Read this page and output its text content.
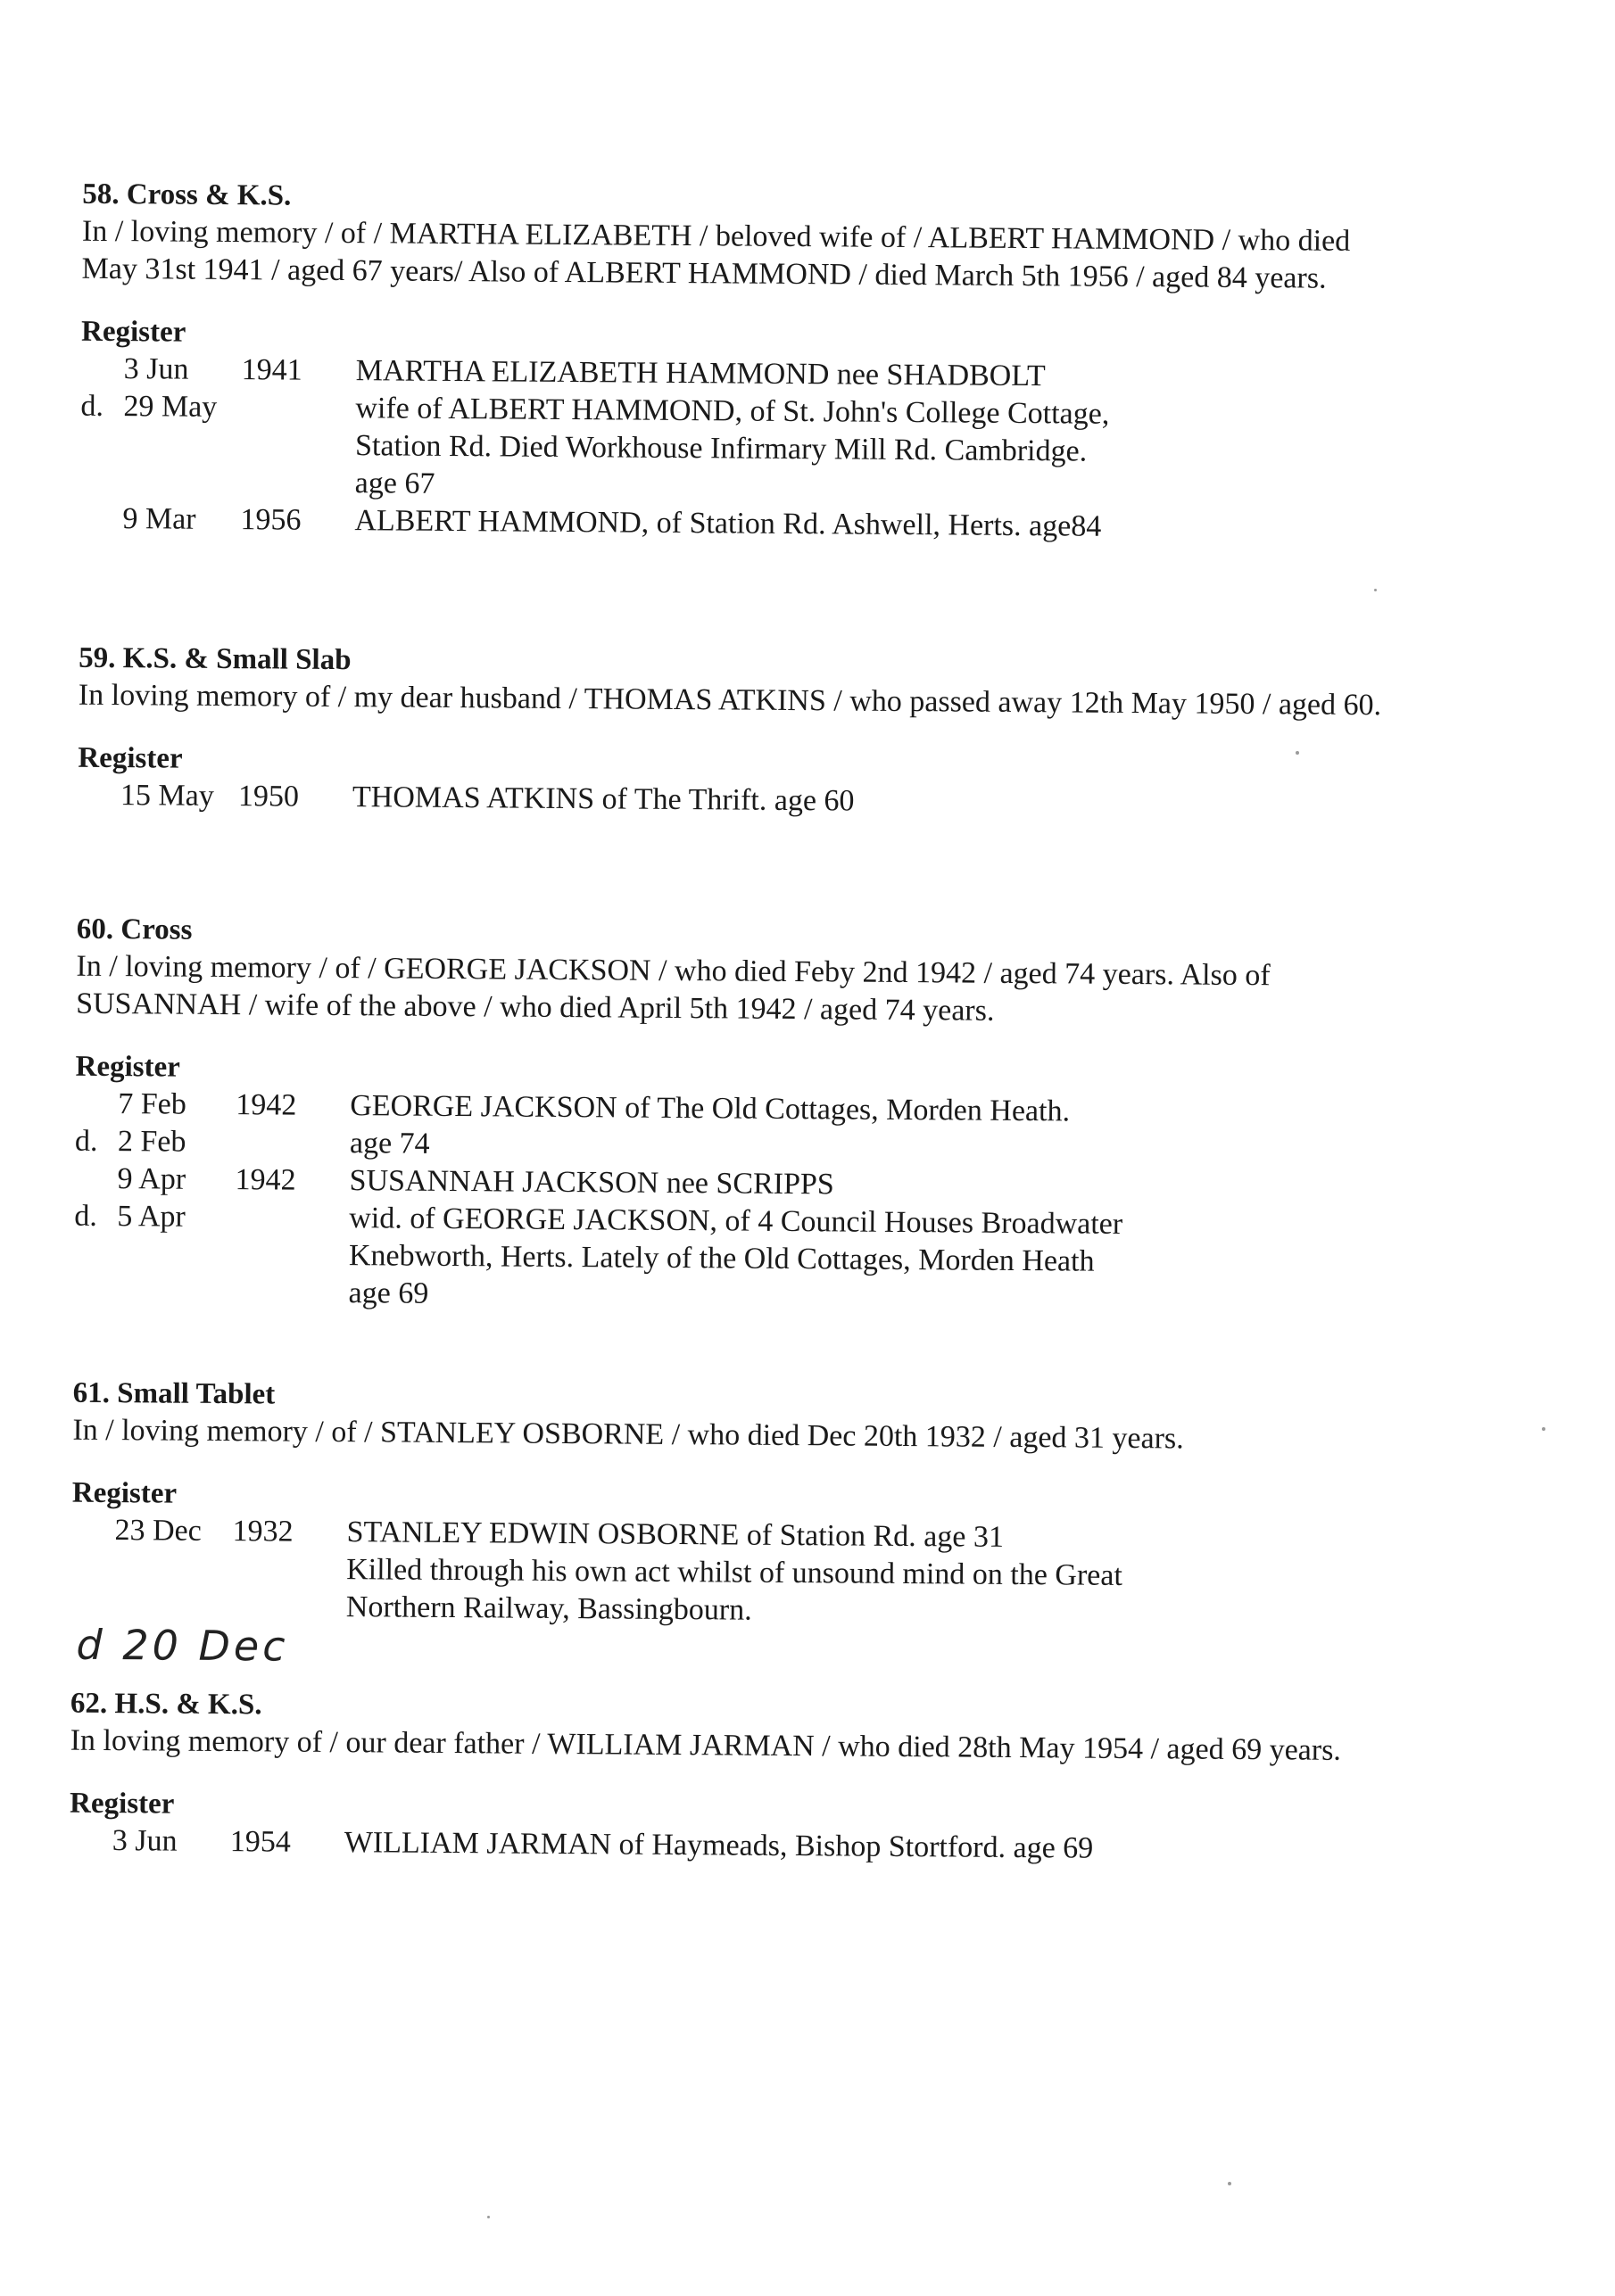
58. Cross & K.S.

In / loving memory / of / MARTHA ELIZABETH / beloved wife of / ALBERT HAMMOND / who died May 31st 1941 / aged 67 years/ Also of ALBERT HAMMOND / died March 5th 1956 / aged 84 years.

Register
3 Jun 1941 MARTHA ELIZABETH HAMMOND nee SHADBOLT
d. 29 May	wife of ALBERT HAMMOND, of St. John's College Cottage,
Station Rd. Died Workhouse Infirmary Mill Rd. Cambridge.
age 67
9 Mar 1956 ALBERT HAMMOND, of Station Rd. Ashwell, Herts. age84
59. K.S. & Small Slab

In loving memory of / my dear husband / THOMAS ATKINS / who passed away 12th May 1950 / aged 60.

Register
15 May 1950 THOMAS ATKINS of The Thrift. age 60
60. Cross

In / loving memory / of / GEORGE JACKSON / who died Feby 2nd 1942 / aged 74 years. Also of SUSANNAH / wife of the above / who died April 5th 1942 / aged 74 years.

Register
7 Feb 1942 GEORGE JACKSON of The Old Cottages, Morden Heath.
d. 2 Feb	age 74
9 Apr 1942 SUSANNAH JACKSON nee SCRIPPS
d. 5 Apr	wid. of GEORGE JACKSON, of 4 Council Houses Broadwater
Knebworth, Herts. Lately of the Old Cottages, Morden Heath
age 69
61. Small Tablet

In / loving memory / of / STANLEY OSBORNE / who died Dec 20th 1932 / aged 31 years.

Register
23 Dec 1932 STANLEY EDWIN OSBORNE of Station Rd. age 31
Killed through his own act whilst of unsound mind on the Great
Northern Railway, Bassingbourn.
d 20 Dec
62. H.S. & K.S.

In loving memory of / our dear father / WILLIAM JARMAN / who died 28th May 1954 / aged 69 years.

Register
3 Jun 1954 WILLIAM JARMAN of Haymeads, Bishop Stortford. age 69
